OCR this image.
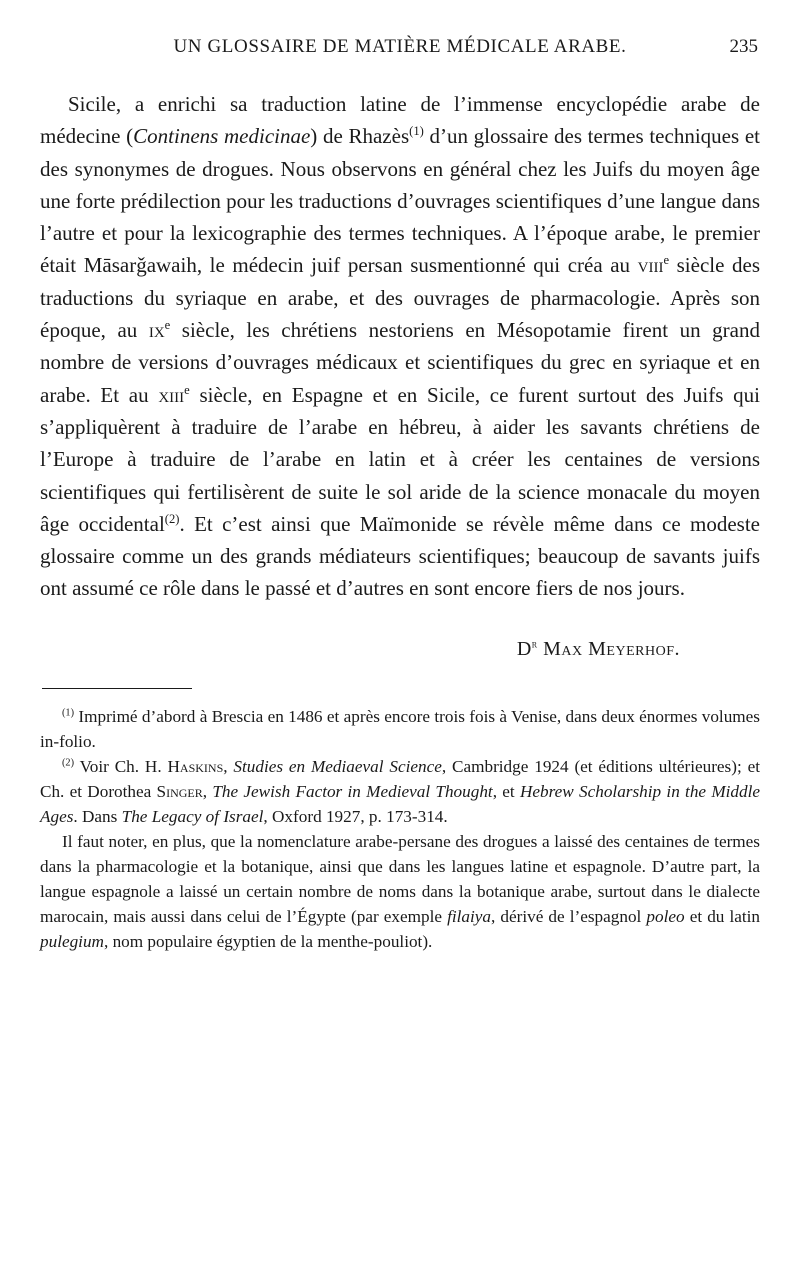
UN GLOSSAIRE DE MATIÈRE MÉDICALE ARABE.	235

Sicile, a enrichi sa traduction latine de l’immense encyclopédie arabe de médecine (Continens medicinae) de Rhazès$^{(1)}$ d’un glossaire des termes techniques et des synonymes de drogues. Nous observons en général chez les Juifs du moyen âge une forte prédilection pour les traductions d’ouvrages scientifiques d’une langue dans l’autre et pour la lexicographie des termes techniques. A l’époque arabe, le premier était Māsarǧawaih, le médecin juif persan susmentionné qui créa au viii$^e$ siècle des traductions du syriaque en arabe, et des ouvrages de pharmacologie. Après son époque, au $ix^e$ siècle, les chrétiens nestoriens en Mésopotamie firent un grand nombre de versions d’ouvrages médicaux et scientifiques du grec en syriaque et en arabe. Et au xiii$^e$ siècle, en Espagne et en Sicile, ce furent surtout des Juifs qui s’appliquèrent à traduire de l’arabe en hébreu, à aider les savants chrétiens de l’Europe à traduire de l’arabe en latin et à créer les centaines de versions scientifiques qui fertilisèrent de suite le sol aride de la science monacale du moyen âge occidental$^{(2)}$. Et c’est ainsi que Maïmonide se révèle même dans ce modeste glossaire comme un des grands médiateurs scientifiques; beaucoup de savants juifs ont assumé ce rôle dans le passé et d’autres en sont encore fiers de nos jours.

$D^r$ Max Meyerhof.

$^{(1)}$ Imprimé d’abord à Brescia en 1486 et après encore trois fois à Venise, dans deux énormes volumes in-folio.

$^{(2)}$ Voir Ch. H. Haskins, Studies en Mediaeval Science, Cambridge 1924 (et éditions ultérieures); et Ch. et Dorothea Singer, The Jewish Factor in Medieval Thought, et Hebrew Scholarship in the Middle Ages. Dans The Legacy of Israel, Oxford 1927, p. 173-314.

Il faut noter, en plus, que la nomenclature arabe-persane des drogues a laissé des centaines de termes dans la pharmacologie et la botanique, ainsi que dans les langues latine et espagnole. D’autre part, la langue espagnole a laissé un certain nombre de noms dans la botanique arabe, surtout dans le dialecte marocain, mais aussi dans celui de l’Égypte (par exemple filaiya, dérivé de l’espagnol poleo et du latin pulegium, nom populaire égyptien de la menthe-pouliot).
